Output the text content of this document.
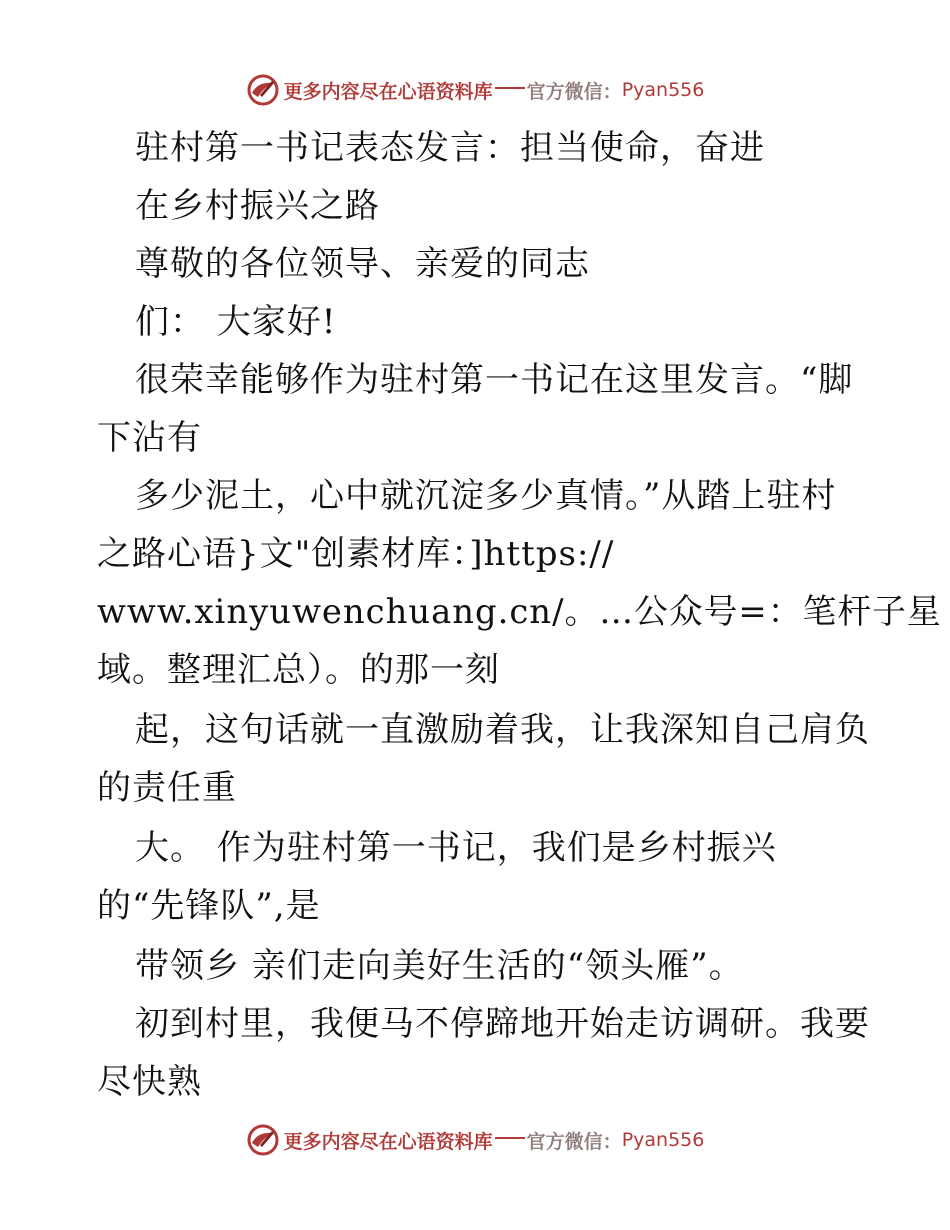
更多内容尽在心语资料库 官方微信： Pyan556
驻村第一书记表态发言：担当使命，奋进
在乡村振兴之路
尊敬的各位领导、亲爱的同志
们： 大家好!
很荣幸能够作为驻村第一书记在这里发言。“脚
下沾有
多少泥土，心中就沉淀多少真情。”从踏上驻村
之路心语}文"创素材库：]https://
www.xinyuwenchuang.cn/。…公众号=：笔杆子星
域。整理汇总）。的那一刻
起，这句话就一直激励着我，让我深知自己肩负
的责任重
大。 作为驻村第一书记，我们是乡村振兴
的“先锋队”,是
带领乡 亲们走向美好生活的“领头雁”。
初到村里，我便马不停蹄地开始走访调研。我要
尽快熟
更多内容尽在心语资料库 官方微信： Pyan556
